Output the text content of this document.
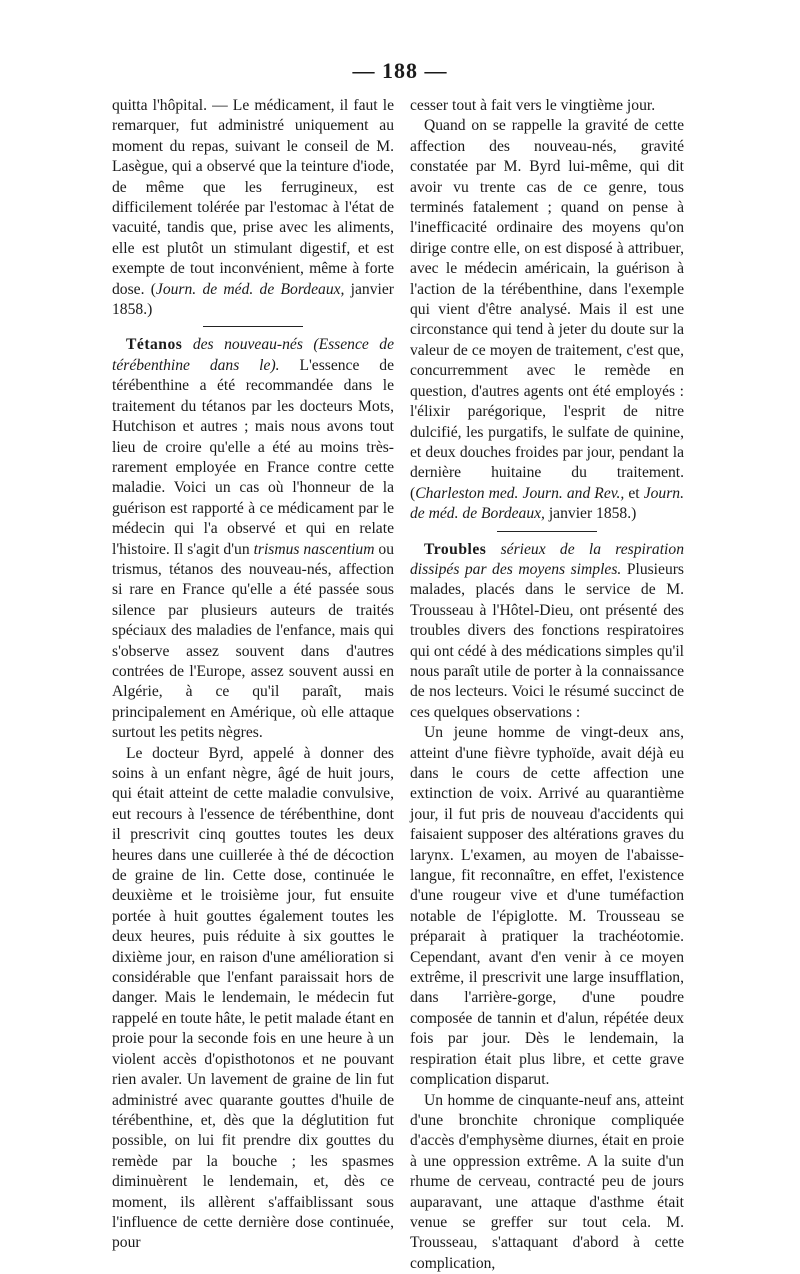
— 188 —

quitta l'hôpital. — Le médicament, il faut le remarquer, fut administré uniquement au moment du repas, suivant le conseil de M. Lasègue, qui a observé que la teinture d'iode, de même que les ferrugineux, est difficilement tolérée par l'estomac à l'état de vacuité, tandis que, prise avec les aliments, elle est plutôt un stimulant digestif, et est exempte de tout inconvénient, même à forte dose. (Journ. de méd. de Bordeaux, janvier 1858.)

Tétanos des nouveau-nés (Essence de térébenthine dans le). L'essence de térébenthine a été recommandée dans le traitement du tétanos par les docteurs Mots, Hutchison et autres ; mais nous avons tout lieu de croire qu'elle a été au moins très-rarement employée en France contre cette maladie. Voici un cas où l'honneur de la guérison est rapporté à ce médicament par le médecin qui l'a observé et qui en relate l'histoire. Il s'agit d'un trismus nascentium ou trismus, tétanos des nouveau-nés, affection si rare en France qu'elle a été passée sous silence par plusieurs auteurs de traités spéciaux des maladies de l'enfance, mais qui s'observe assez souvent dans d'autres contrées de l'Europe, assez souvent aussi en Algérie, à ce qu'il paraît, mais principalement en Amérique, où elle attaque surtout les petits nègres.

Le docteur Byrd, appelé à donner des soins à un enfant nègre, âgé de huit jours, qui était atteint de cette maladie convulsive, eut recours à l'essence de térébenthine, dont il prescrivit cinq gouttes toutes les deux heures dans une cuillerée à thé de décoction de graine de lin. Cette dose, continuée le deuxième et le troisième jour, fut ensuite portée à huit gouttes également toutes les deux heures, puis réduite à six gouttes le dixième jour, en raison d'une amélioration si considérable que l'enfant paraissait hors de danger. Mais le lendemain, le médecin fut rappelé en toute hâte, le petit malade étant en proie pour la seconde fois en une heure à un violent accès d'opisthotonos et ne pouvant rien avaler. Un lavement de graine de lin fut administré avec quarante gouttes d'huile de térébenthine, et, dès que la déglutition fut possible, on lui fit prendre dix gouttes du remède par la bouche ; les spasmes diminuèrent le lendemain, et, dès ce moment, ils allèrent s'affaiblissant sous l'influence de cette dernière dose continuée, pour

cesser tout à fait vers le vingtième jour.

Quand on se rappelle la gravité de cette affection des nouveau-nés, gravité constatée par M. Byrd lui-même, qui dit avoir vu trente cas de ce genre, tous terminés fatalement ; quand on pense à l'inefficacité ordinaire des moyens qu'on dirige contre elle, on est disposé à attribuer, avec le médecin américain, la guérison à l'action de la térébenthine, dans l'exemple qui vient d'être analysé. Mais il est une circonstance qui tend à jeter du doute sur la valeur de ce moyen de traitement, c'est que, concurremment avec le remède en question, d'autres agents ont été employés : l'élixir parégorique, l'esprit de nitre dulcifié, les purgatifs, le sulfate de quinine, et deux douches froides par jour, pendant la dernière huitaine du traitement. (Charleston med. Journ. and Rev., et Journ. de méd. de Bordeaux, janvier 1858.)

Troubles sérieux de la respiration dissipés par des moyens simples. Plusieurs malades, placés dans le service de M. Trousseau à l'Hôtel-Dieu, ont présenté des troubles divers des fonctions respiratoires qui ont cédé à des médications simples qu'il nous paraît utile de porter à la connaissance de nos lecteurs. Voici le résumé succinct de ces quelques observations :

Un jeune homme de vingt-deux ans, atteint d'une fièvre typhoïde, avait déjà eu dans le cours de cette affection une extinction de voix. Arrivé au quarantième jour, il fut pris de nouveau d'accidents qui faisaient supposer des altérations graves du larynx. L'examen, au moyen de l'abaisse-langue, fit reconnaître, en effet, l'existence d'une rougeur vive et d'une tuméfaction notable de l'épiglotte. M. Trousseau se préparait à pratiquer la trachéotomie. Cependant, avant d'en venir à ce moyen extrême, il prescrivit une large insufflation, dans l'arrière-gorge, d'une poudre composée de tannin et d'alun, répétée deux fois par jour. Dès le lendemain, la respiration était plus libre, et cette grave complication disparut.

Un homme de cinquante-neuf ans, atteint d'une bronchite chronique compliquée d'accès d'emphysème diurnes, était en proie à une oppression extrême. A la suite d'un rhume de cerveau, contracté peu de jours auparavant, une attaque d'asthme était venue se greffer sur tout cela. M. Trousseau, s'attaquant d'abord à cette complication,
